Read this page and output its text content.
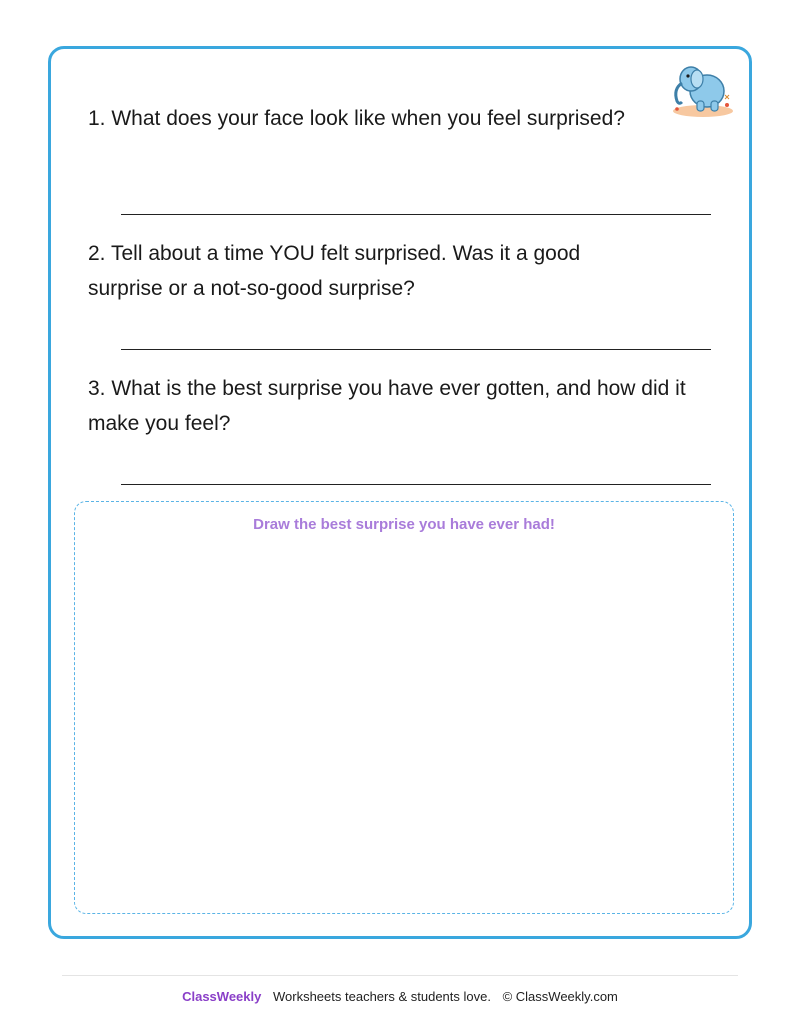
1. What does your face look like when you feel surprised?
2. Tell about a time YOU felt surprised. Was it a good surprise or a not-so-good surprise?
3. What is the best surprise you have ever gotten, and how did it make you feel?
Draw the best surprise you have ever had!
ClassWeekly Worksheets teachers & students love. © ClassWeekly.com
